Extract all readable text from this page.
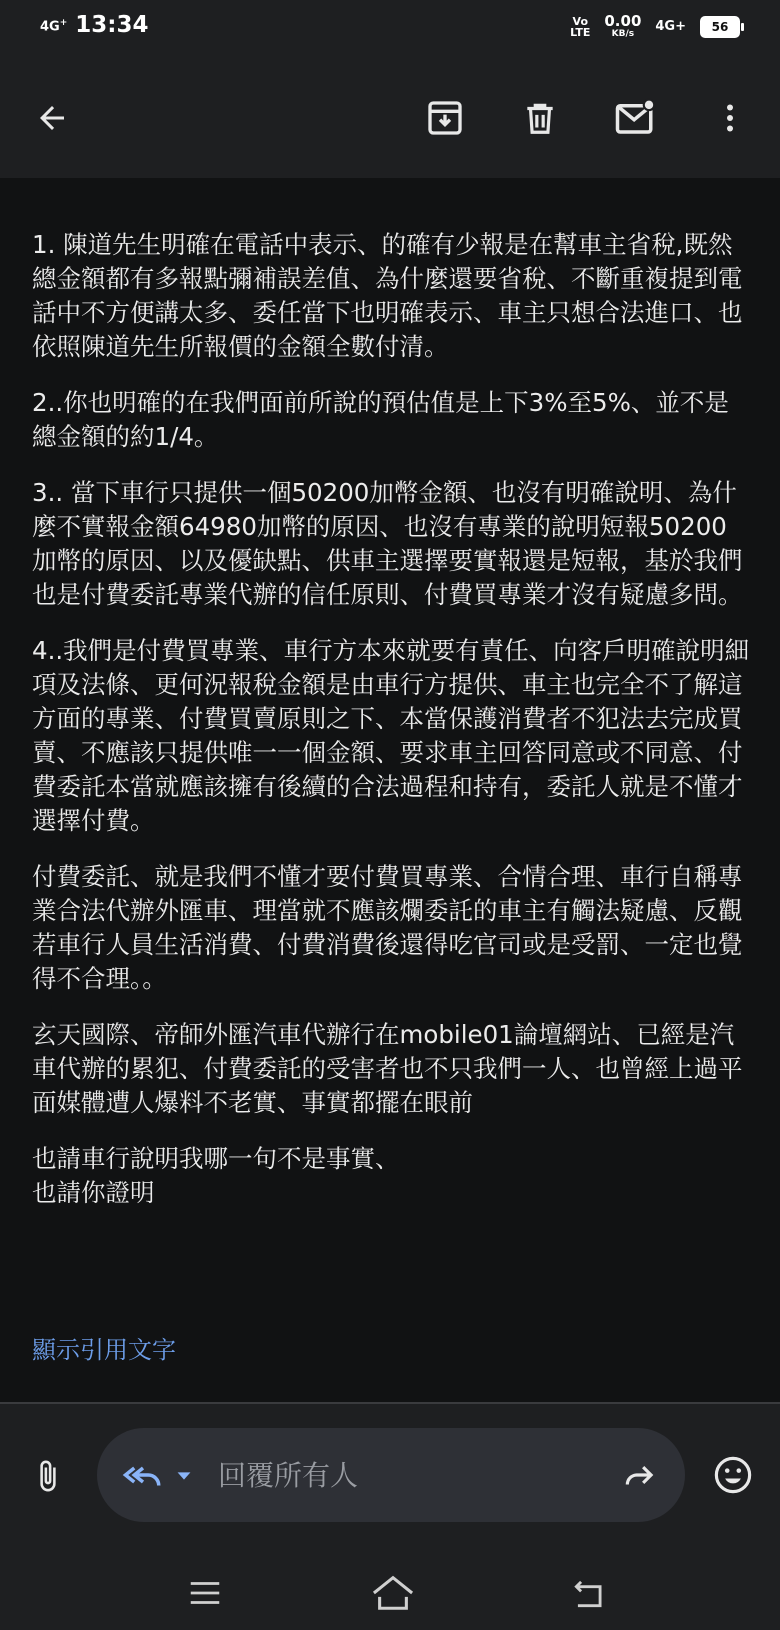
4G+ 13:34	Vo
LTE
0.00
KB/s 4G+ 56

1. 陳道先生明確在電話中表示、的確有少報是在幫車主省稅,既然總金額都有多報點彌補誤差值、為什麼還要省稅、不斷重複提到電話中不方便講太多、委任當下也明確表示、車主只想合法進口、也依照陳道先生所報價的金額全數付清。

2..你也明確的在我們面前所說的預估值是上下3%至5%、並不是總金額的約1/4。

3.. 當下車行只提供一個50200加幣金額、也沒有明確說明、為什麼不實報金額64980加幣的原因、也沒有專業的說明短報50200加幣的原因、以及優缺點、供車主選擇要實報還是短報，基於我們也是付費委託專業代辦的信任原則、付費買專業才沒有疑慮多問。

4..我們是付費買專業、車行方本來就要有責任、向客戶明確說明細項及法條、更何況報稅金額是由車行方提供、車主也完全不了解這方面的專業、付費買賣原則之下、本當保護消費者不犯法去完成買賣、不應該只提供唯一一個金額、要求車主回答同意或不同意、付費委託本當就應該擁有後續的合法過程和持有，委託人就是不懂才選擇付費。

付費委託、就是我們不懂才要付費買專業、合情合理、車行自稱專業合法代辦外匯車、理當就不應該爛委託的車主有觸法疑慮、反觀若車行人員生活消費、付費消費後還得吃官司或是受罰、一定也覺得不合理。。

玄天國際、帝師外匯汽車代辦行在mobile01論壇網站、已經是汽車代辦的累犯、付費委託的受害者也不只我們一人、也曾經上過平面媒體遭人爆料不老實、事實都擺在眼前

也請車行說明我哪一句不是事實、
也請你證明

顯示引用文字
回覆所有人
